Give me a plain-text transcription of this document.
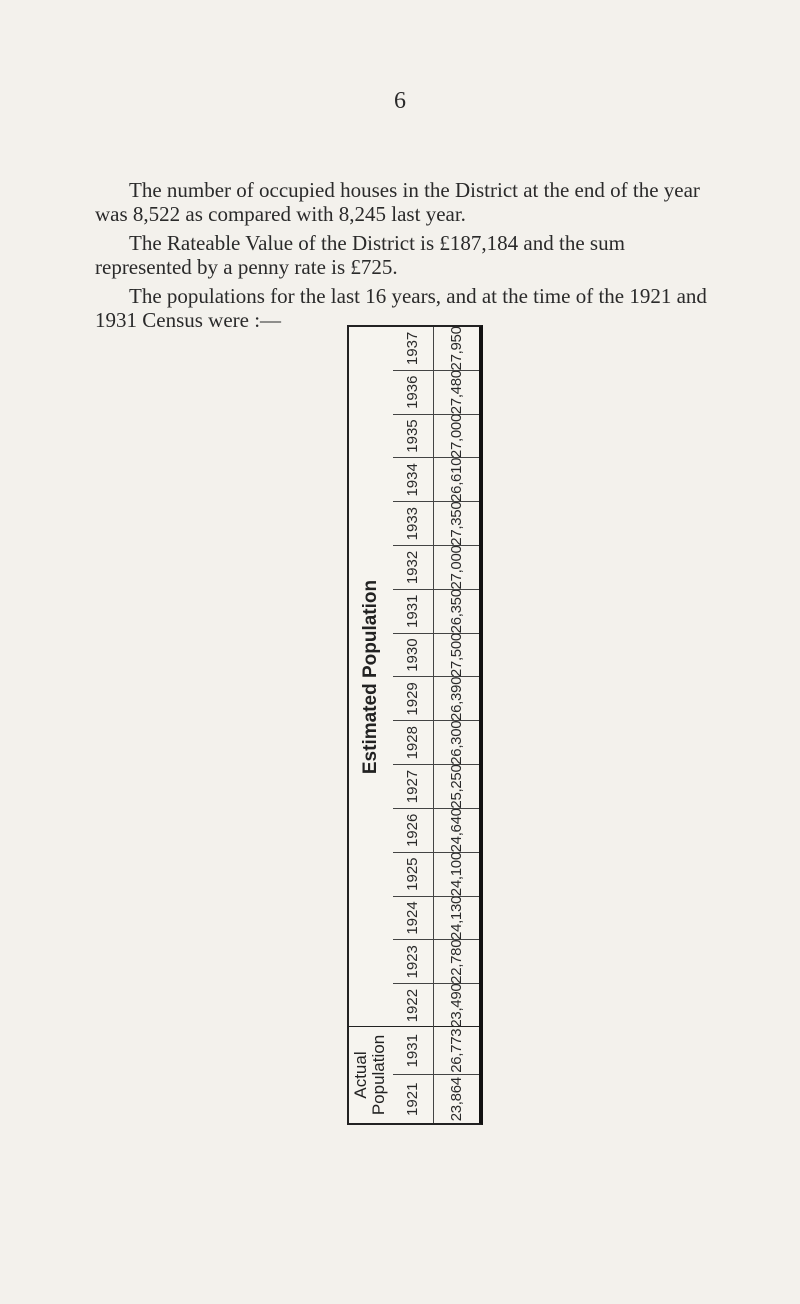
6

The number of occupied houses in the District at the end of the year was 8,522 as compared with 8,245 last year.

The Rateable Value of the District is £187,184 and the sum represented by a penny rate is £725.

The populations for the last 16 years, and at the time of the 1921 and 1931 Census were :—

Actual Population	1921	23,864
1931	26,773
Estimated Population
1922	23,490
1923	22,780
1924	24,130
1925	24,100
1926	24,640
1927	25,250
1928	26,300
1929	26,390
1930	27,500
1931	26,350
1932	27,000
1933	27,350
1934	26,610
1935	27,000
1936	27,480
1937	27,950
